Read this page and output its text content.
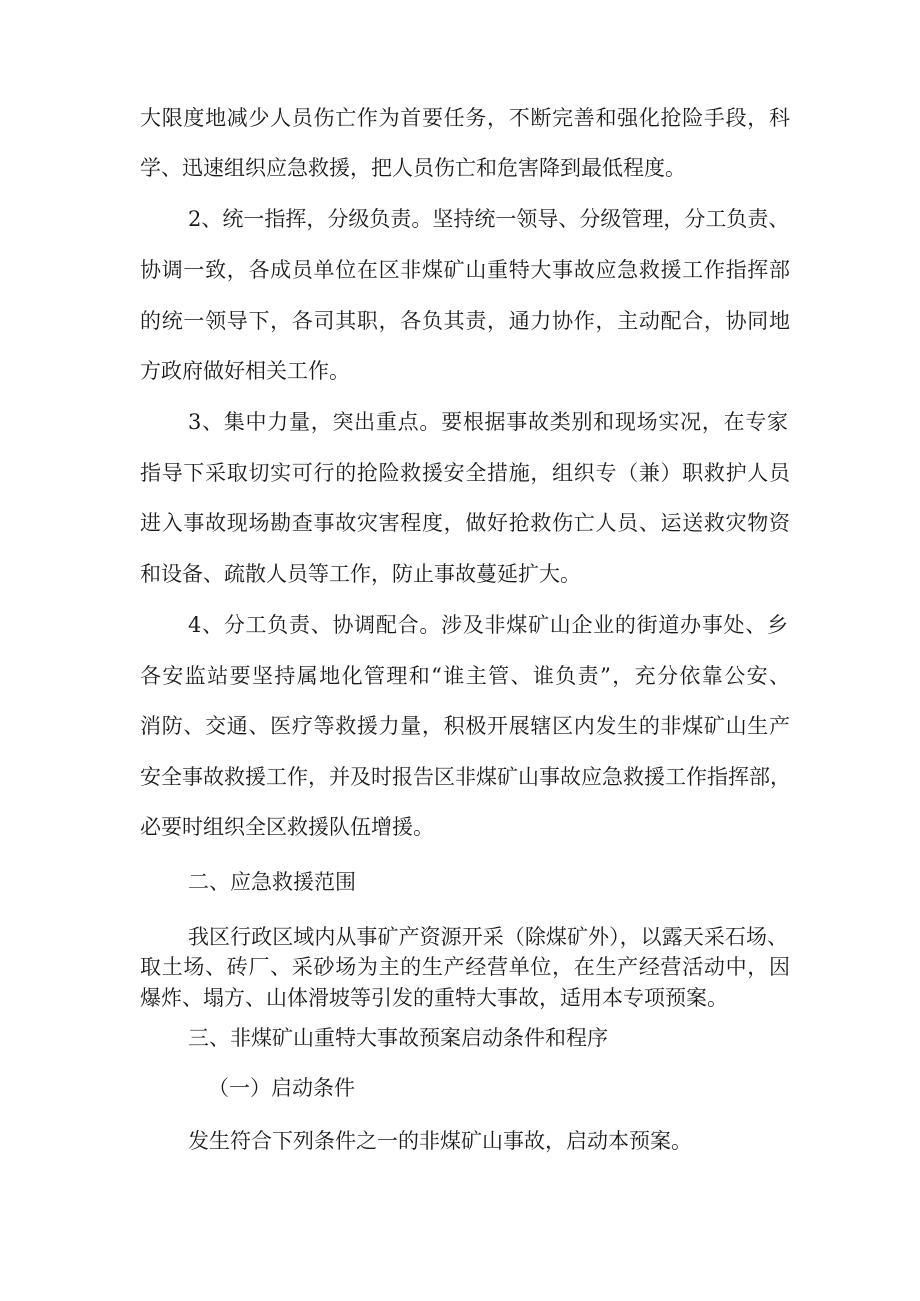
大限度地减少人员伤亡作为首要任务，不断完善和强化抢险手段，科

学、迅速组织应急救援，把人员伤亡和危害降到最低程度。

2、统一指挥，分级负责。坚持统一领导、分级管理，分工负责、

协调一致，各成员单位在区非煤矿山重特大事故应急救援工作指挥部

的统一领导下，各司其职，各负其责，通力协作，主动配合，协同地

方政府做好相关工作。

3、集中力量，突出重点。要根据事故类别和现场实况，在专家

指导下采取切实可行的抢险救援安全措施，组织专（兼）职救护人员

进入事故现场勘查事故灾害程度，做好抢救伤亡人员、运送救灾物资

和设备、疏散人员等工作，防止事故蔓延扩大。

4、分工负责、协调配合。涉及非煤矿山企业的街道办事处、乡

各安监站要坚持属地化管理和“谁主管、谁负责”，充分依靠公安、

消防、交通、医疗等救援力量，积极开展辖区内发生的非煤矿山生产

安全事故救援工作，并及时报告区非煤矿山事故应急救援工作指挥部，

必要时组织全区救援队伍增援。

二、应急救援范围

我区行政区域内从事矿产资源开采（除煤矿外），以露天采石场、

取土场、砖厂、采砂场为主的生产经营单位，在生产经营活动中，因

爆炸、塌方、山体滑坡等引发的重特大事故，适用本专项预案。

三、非煤矿山重特大事故预案启动条件和程序

（一）启动条件

发生符合下列条件之一的非煤矿山事故，启动本预案。
